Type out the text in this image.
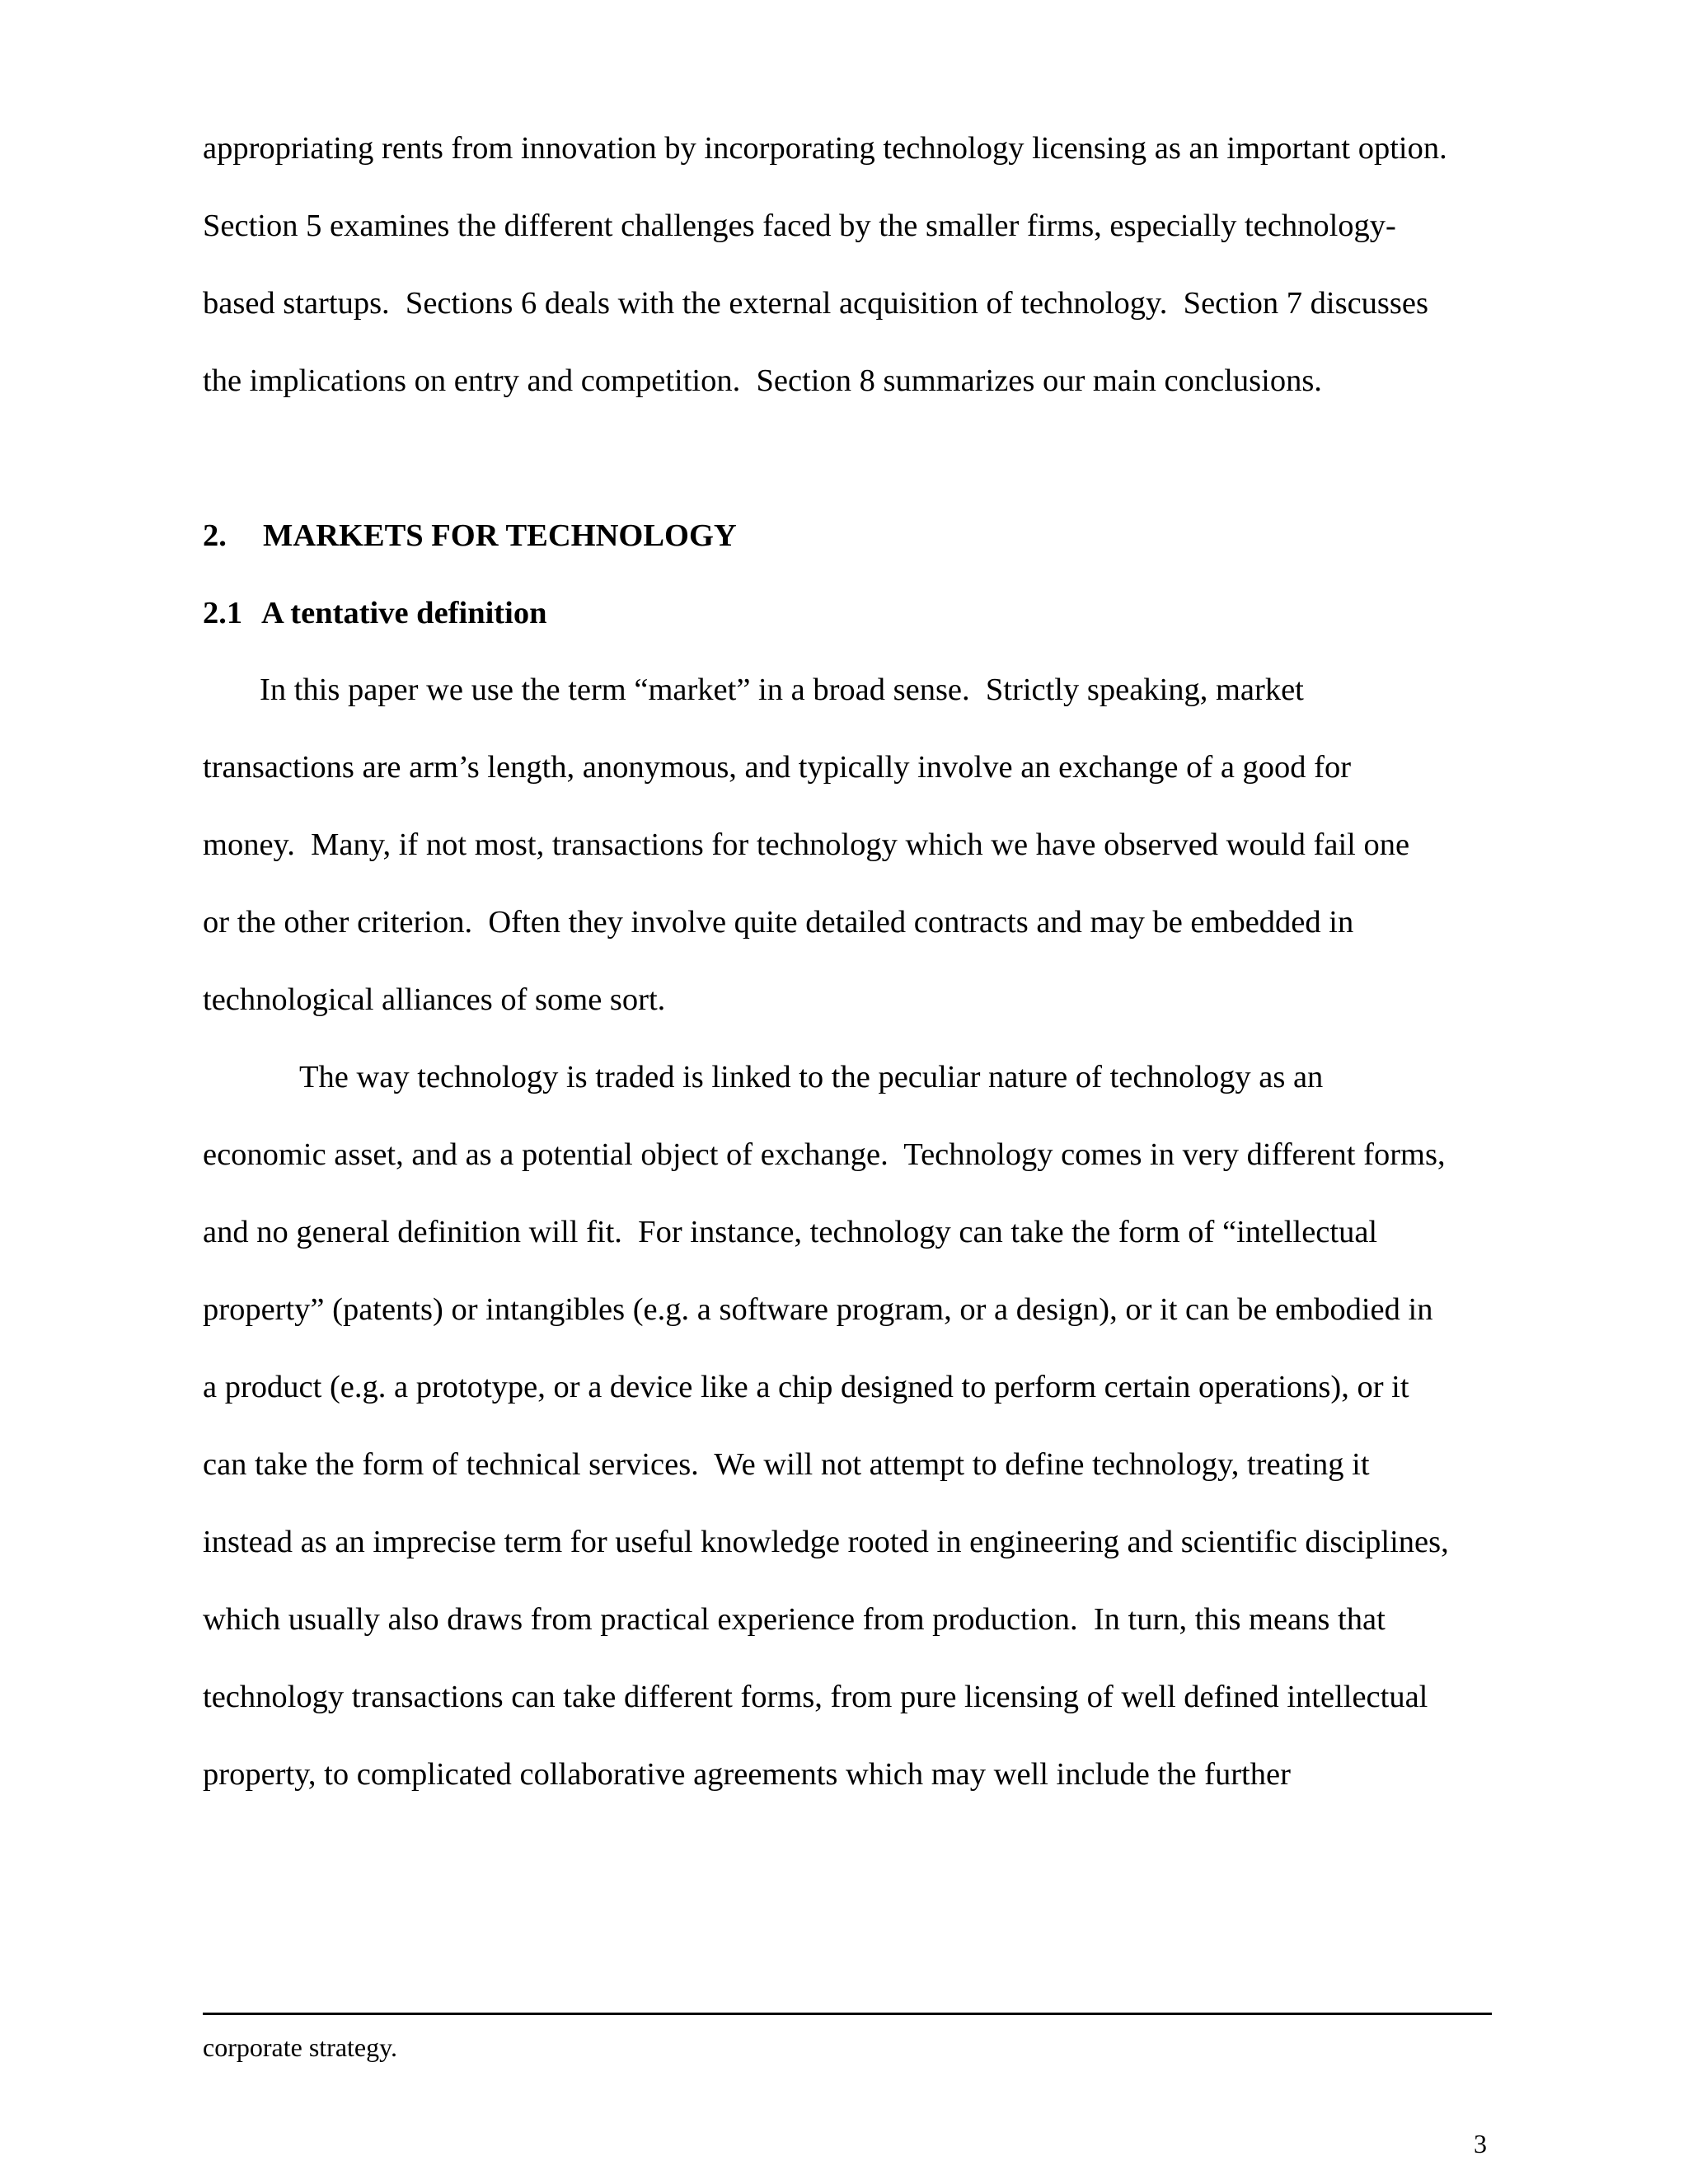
appropriating rents from innovation by incorporating technology licensing as an important option.
Section 5 examines the different challenges faced by the smaller firms, especially technology-
based startups.  Sections 6 deals with the external acquisition of technology.  Section 7 discusses
the implications on entry and competition.  Section 8 summarizes our main conclusions.
2. MARKETS FOR TECHNOLOGY
2.1 A tentative definition
In this paper we use the term “market” in a broad sense.  Strictly speaking, market
transactions are arm’s length, anonymous, and typically involve an exchange of a good for
money.  Many, if not most, transactions for technology which we have observed would fail one
or the other criterion.  Often they involve quite detailed contracts and may be embedded in
technological alliances of some sort.
The way technology is traded is linked to the peculiar nature of technology as an
economic asset, and as a potential object of exchange.  Technology comes in very different forms,
and no general definition will fit.  For instance, technology can take the form of “intellectual
property” (patents) or intangibles (e.g. a software program, or a design), or it can be embodied in
a product (e.g. a prototype, or a device like a chip designed to perform certain operations), or it
can take the form of technical services.  We will not attempt to define technology, treating it
instead as an imprecise term for useful knowledge rooted in engineering and scientific disciplines,
which usually also draws from practical experience from production.  In turn, this means that
technology transactions can take different forms, from pure licensing of well defined intellectual
property, to complicated collaborative agreements which may well include the further
corporate strategy.
3
